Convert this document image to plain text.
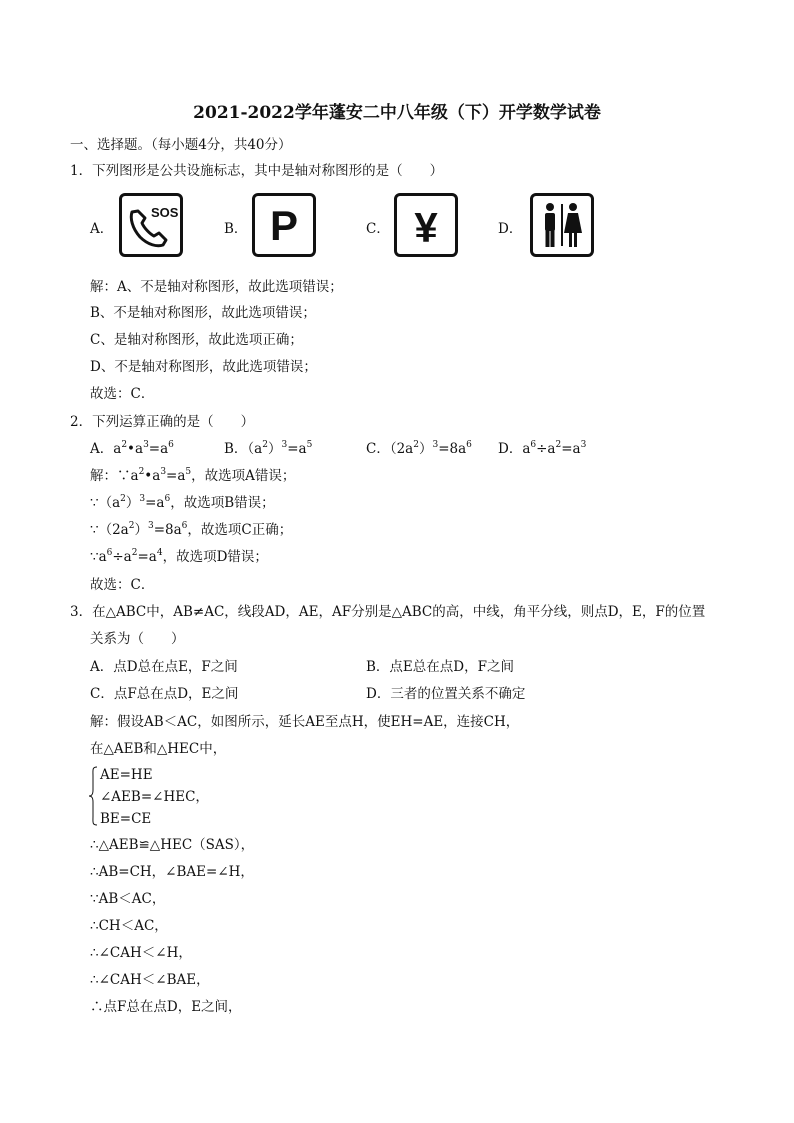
2021-2022学年蓬安二中八年级（下）开学数学试卷
一、选择题。（每小题4分，共40分）
1．下列图形是公共设施标志，其中是轴对称图形的是（　　）
A．
SOS
B． P	C． ¥	D．
解：A、不是轴对称图形，故此选项错误；
B、不是轴对称图形，故此选项错误；
C、是轴对称图形，故此选项正确；
D、不是轴对称图形，故此选项错误；
故选：C．
2．下列运算正确的是（　　）
A．$a^2•a^3=a^6$	B．$(a^2)^3=a^5$	C．$(2a^2)^3=8a^6$ D．$a^6\div a^2=a^3$
解：$\because a^2•a^3=a^5$，故选项A错误；
$\because(a^2)^3=a^6$，故选项B错误；
$\because(2a^2)^3=8a^6$，故选项C正确；
$\because a^6\div a^2=a^4$，故选项D错误；
故选：C．
3．在△ABC中，AB≠AC，线段AD，AE，AF分别是△ABC的高，中线，角平分线，则点D，E，F的位置
关系为（　　）
A．点D总在点E，F之间	B．点E总在点D，F之间
C．点F总在点D，E之间	D．三者的位置关系不确定
解：假设AB＜AC，如图所示，延长AE至点H，使EH=AE，连接CH，
在△AEB和△HEC中，
AE=HE
∠AEB=∠HEC，
BE=CE
∴△AEB≌△HEC（SAS），
∴AB=CH，∠BAE=∠H，
∵AB＜AC，
∴CH＜AC，
∴∠CAH＜∠H，
∴∠CAH＜∠BAE，
∴点F总在点D，E之间，
